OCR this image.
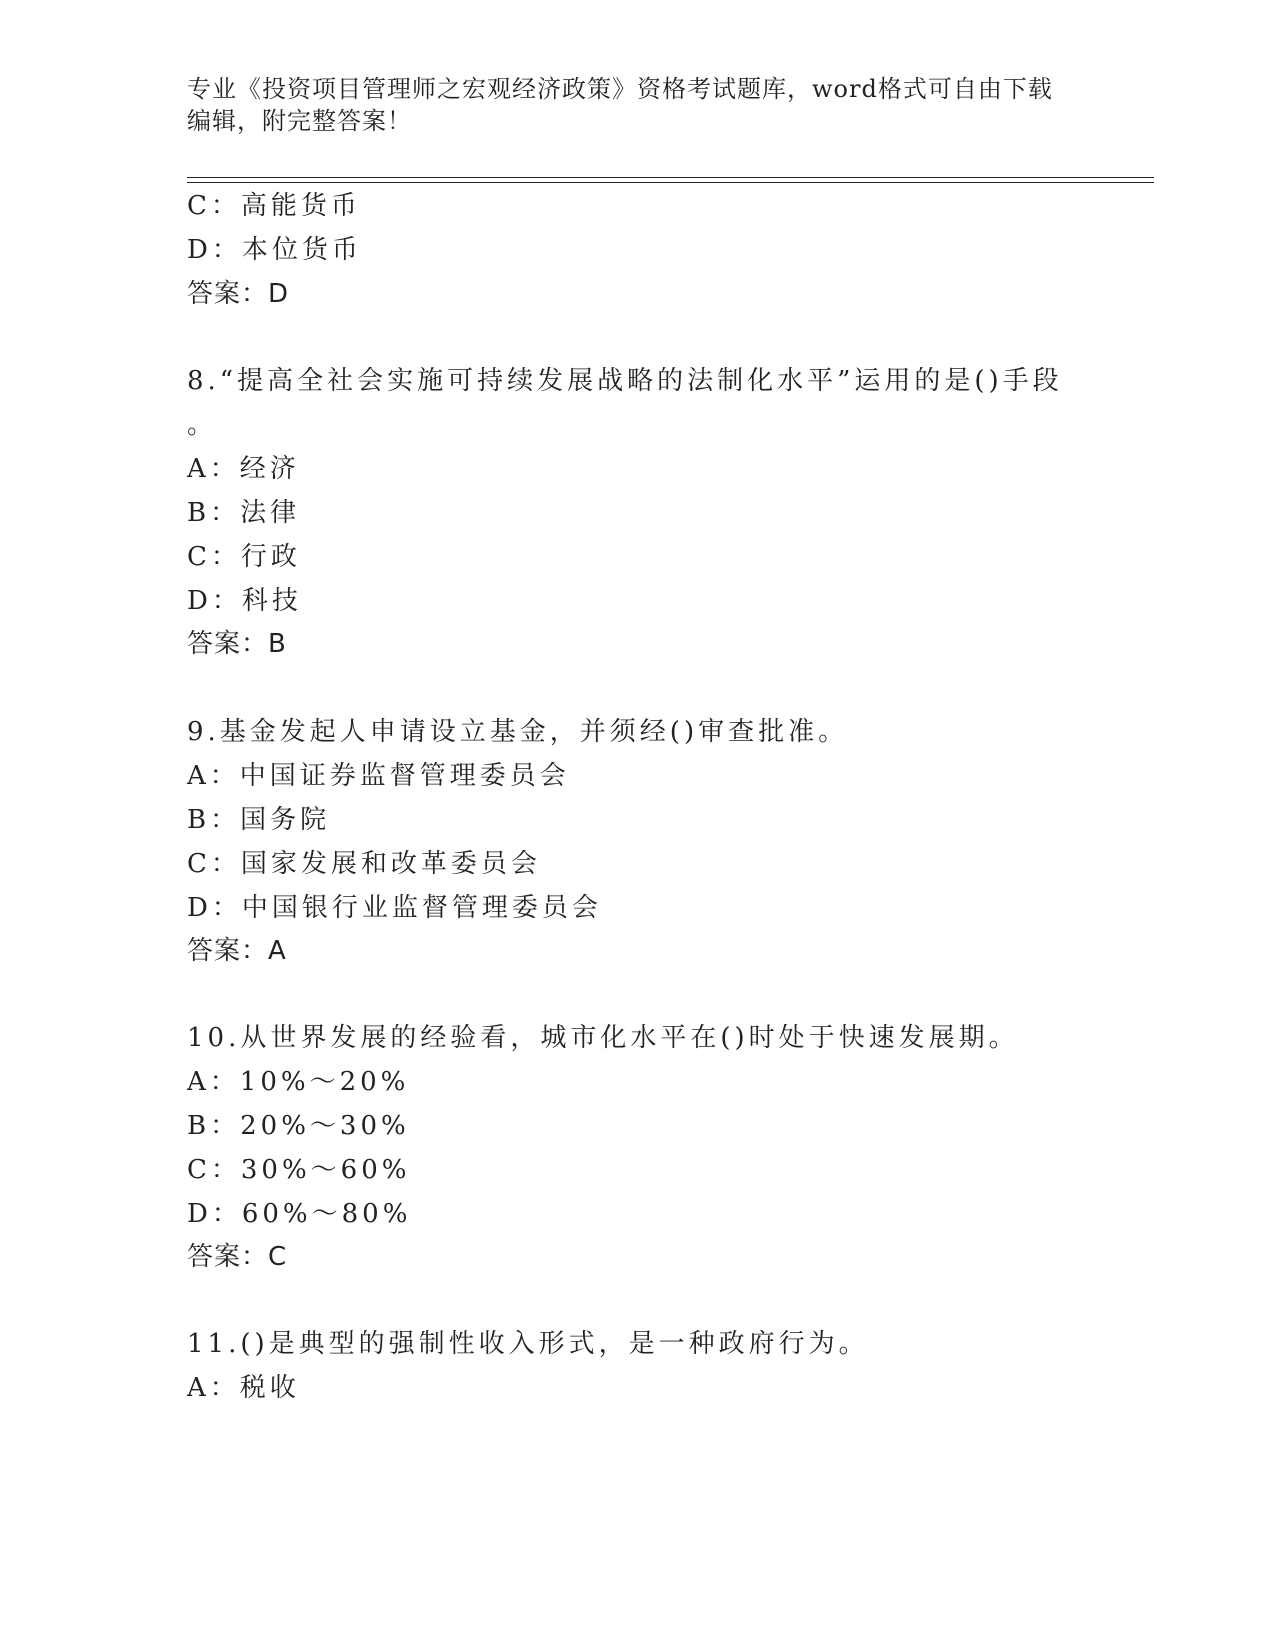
专业《投资项目管理师之宏观经济政策》资格考试题库，word格式可自由下载编辑，附完整答案！
C：高能货币
D：本位货币
答案：D
8.“提高全社会实施可持续发展战略的法制化水平”运用的是()手段
。
A：经济
B：法律
C：行政
D：科技
答案：B
9.基金发起人申请设立基金，并须经()审查批准。
A：中国证券监督管理委员会
B：国务院
C：国家发展和改革委员会
D：中国银行业监督管理委员会
答案：A
10.从世界发展的经验看，城市化水平在()时处于快速发展期。
A：10%～20%
B：20%～30%
C：30%～60%
D：60%～80%
答案：C
11.()是典型的强制性收入形式，是一种政府行为。
A：税收
